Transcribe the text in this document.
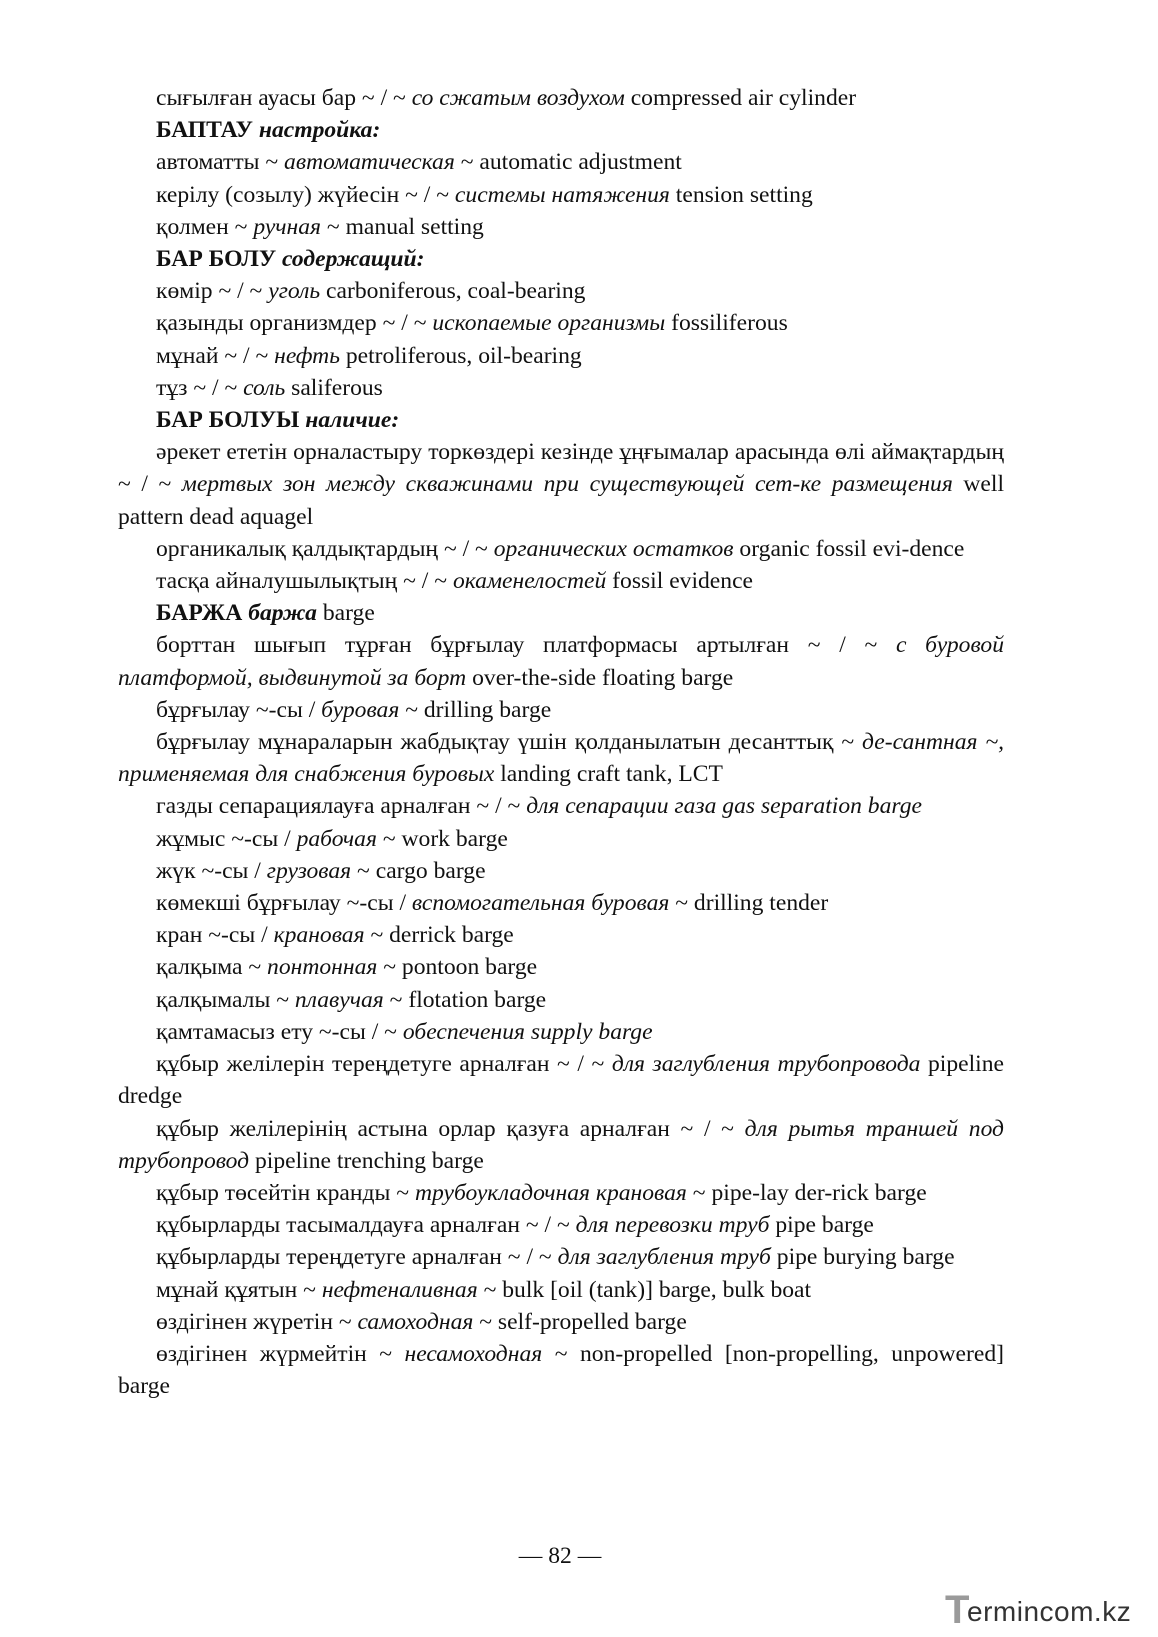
сығылған ауасы бар ~ / ~ со сжатым воздухом compressed air cylinder

БАПТАУ настройка:

автоматты ~ автоматическая ~ automatic adjustment

керілу (созылу) жүйесін ~ / ~ системы натяжения tension setting

қолмен ~ ручная ~ manual setting

БАР БОЛУ содержащий:

көмір ~ / ~ уголь carboniferous, coal-bearing

қазынды организмдер ~ / ~ ископаемые организмы fossiliferous

мұнай ~ / ~ нефть petroliferous, oil-bearing

тұз ~ / ~ соль saliferous

БАР БОЛУЫ наличие:

әрекет ететін орналастыру торкөздері кезінде ұңғымалар арасында өлі аймақтардың ~ / ~ мертвых зон между скважинами при существующей сет-ке размещения well pattern dead aquagel

органикалық қалдықтардың ~ / ~ органических остатков organic fossil evi-dence

тасқа айналушылықтың ~ / ~ окаменелостей fossil evidence

БАРЖА баржа barge

борттан шығып тұрған бұрғылау платформасы артылған ~ / ~ с буровой платформой, выдвинутой за борт over-the-side floating barge

бұрғылау ~-сы / буровая ~ drilling barge

бұрғылау мұнараларын жабдықтау үшін қолданылатын десанттық ~ де-сантная ~, применяемая для снабжения буровых landing craft tank, LCT

газды сепарациялауға арналған ~ / ~ для сепарации газа gas separation barge

жұмыс ~-сы / рабочая ~ work barge

жүк ~-сы / грузовая ~ cargo barge

көмекші бұрғылау ~-сы / вспомогательная буровая ~ drilling tender

кран ~-сы / крановая ~ derrick barge

қалқыма ~ понтонная ~ pontoon barge

қалқымалы ~ плавучая ~ flotation barge

қамтамасыз ету ~-сы / ~ обеспечения supply barge

құбыр желілерін тереңдетуге арналған ~ / ~ для заглубления трубопровода pipeline dredge

құбыр желілерінің астына орлар қазуға арналған ~ / ~ для рытья траншей под трубопровод pipeline trenching barge

құбыр төсейтін кранды ~ трубоукладочная крановая ~ pipe-lay der-rick barge

құбырларды тасымалдауға арналған ~ / ~ для перевозки труб pipe barge

құбырларды тереңдетуге арналған ~ / ~ для заглубления труб pipe burying barge

мұнай құятын ~ нефтеналивная ~ bulk [oil (tank)] barge, bulk boat

өздігінен жүретін ~ самоходная ~ self-propelled barge

өздігінен жүрмейтін ~ несамоходная ~ non-propelled [non-propelling, unpowered] barge

— 82 —
T
ermincom.kz
